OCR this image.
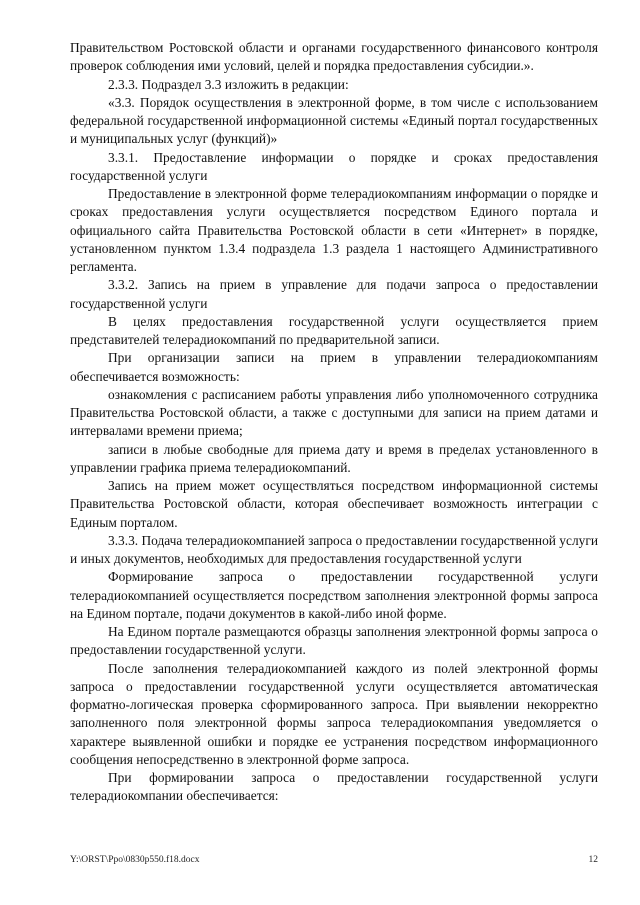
Правительством Ростовской области и органами государственного финансового контроля проверок соблюдения ими условий, целей и порядка предоставления субсидии.».

2.3.3. Подраздел 3.3 изложить в редакции:

«3.3. Порядок осуществления в электронной форме, в том числе с использованием федеральной государственной информационной системы «Единый портал государственных и муниципальных услуг (функций)»

3.3.1. Предоставление информации о порядке и сроках предоставления государственной услуги

Предоставление в электронной форме телерадиокомпаниям информации о порядке и сроках предоставления услуги осуществляется посредством Единого портала и официального сайта Правительства Ростовской области в сети «Интернет» в порядке, установленном пунктом 1.3.4 подраздела 1.3 раздела 1 настоящего Административного регламента.

3.3.2. Запись на прием в управление для подачи запроса о предоставлении государственной услуги

В целях предоставления государственной услуги осуществляется прием представителей телерадиокомпаний по предварительной записи.

При организации записи на прием в управлении телерадиокомпаниям обеспечивается возможность:

ознакомления с расписанием работы управления либо уполномоченного сотрудника Правительства Ростовской области, а также с доступными для записи на прием датами и интервалами времени приема;

записи в любые свободные для приема дату и время в пределах установленного в управлении графика приема телерадиокомпаний.

Запись на прием может осуществляться посредством информационной системы Правительства Ростовской области, которая обеспечивает возможность интеграции с Единым порталом.

3.3.3. Подача телерадиокомпанией запроса о предоставлении государственной услуги и иных документов, необходимых для предоставления государственной услуги

Формирование запроса о предоставлении государственной услуги телерадиокомпанией осуществляется посредством заполнения электронной формы запроса на Едином портале, подачи документов в какой-либо иной форме.

На Едином портале размещаются образцы заполнения электронной формы запроса о предоставлении государственной услуги.

После заполнения телерадиокомпанией каждого из полей электронной формы запроса о предоставлении государственной услуги осуществляется автоматическая форматно-логическая проверка сформированного запроса. При выявлении некорректно заполненного поля электронной формы запроса телерадиокомпания уведомляется о характере выявленной ошибки и порядке ее устранения посредством информационного сообщения непосредственно в электронной форме запроса.

При формировании запроса о предоставлении государственной услуги телерадиокомпании обеспечивается:

Y:\ORST\Ppo\0830p550.f18.docx	12
